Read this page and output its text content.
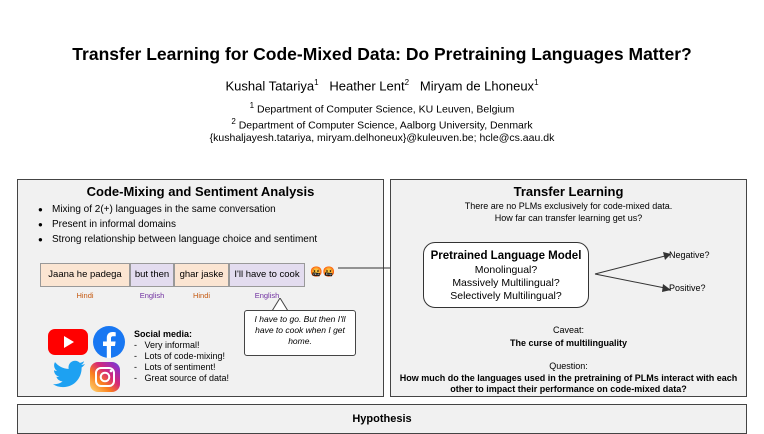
Transfer Learning for Code-Mixed Data: Do Pretraining Languages Matter?
Kushal Tatariya$^1$ Heather Lent$^2$ Miryam de Lhoneux$^1$
$^1$ Department of Computer Science, KU Leuven, Belgium
$^2$ Department of Computer Science, Aalborg University, Denmark
{kushaljayesh.tatariya, miryam.delhoneux}@kuleuven.be; hcle@cs.aau.dk
Code-Mixing and Sentiment Analysis
● Mixing of 2(+) languages in the same conversation
● Present in informal domains
● Strong relationship between language choice and sentiment
Jaana he padega	but then	ghar jaske	I'll have to cook	🤬🤬
Hindi	English	Hindi	English
I have to go. But then I'll have to cook when I get home.
Social media:
-   Very informal!
-   Lots of code-mixing!
-   Lots of sentiment!
-   Great source of data!
Transfer Learning
There are no PLMs exclusively for code-mixed data.
How far can transfer learning get us?
Pretrained Language Model
Monolingual?
Massively Multilingual?
Selectively Multilingual?
Negative?
Positive?
Caveat:
The curse of multilinguality
Question:
How much do the languages used in the pretraining of PLMs interact with each other to impact their performance on code-mixed data?
Hypothesis
